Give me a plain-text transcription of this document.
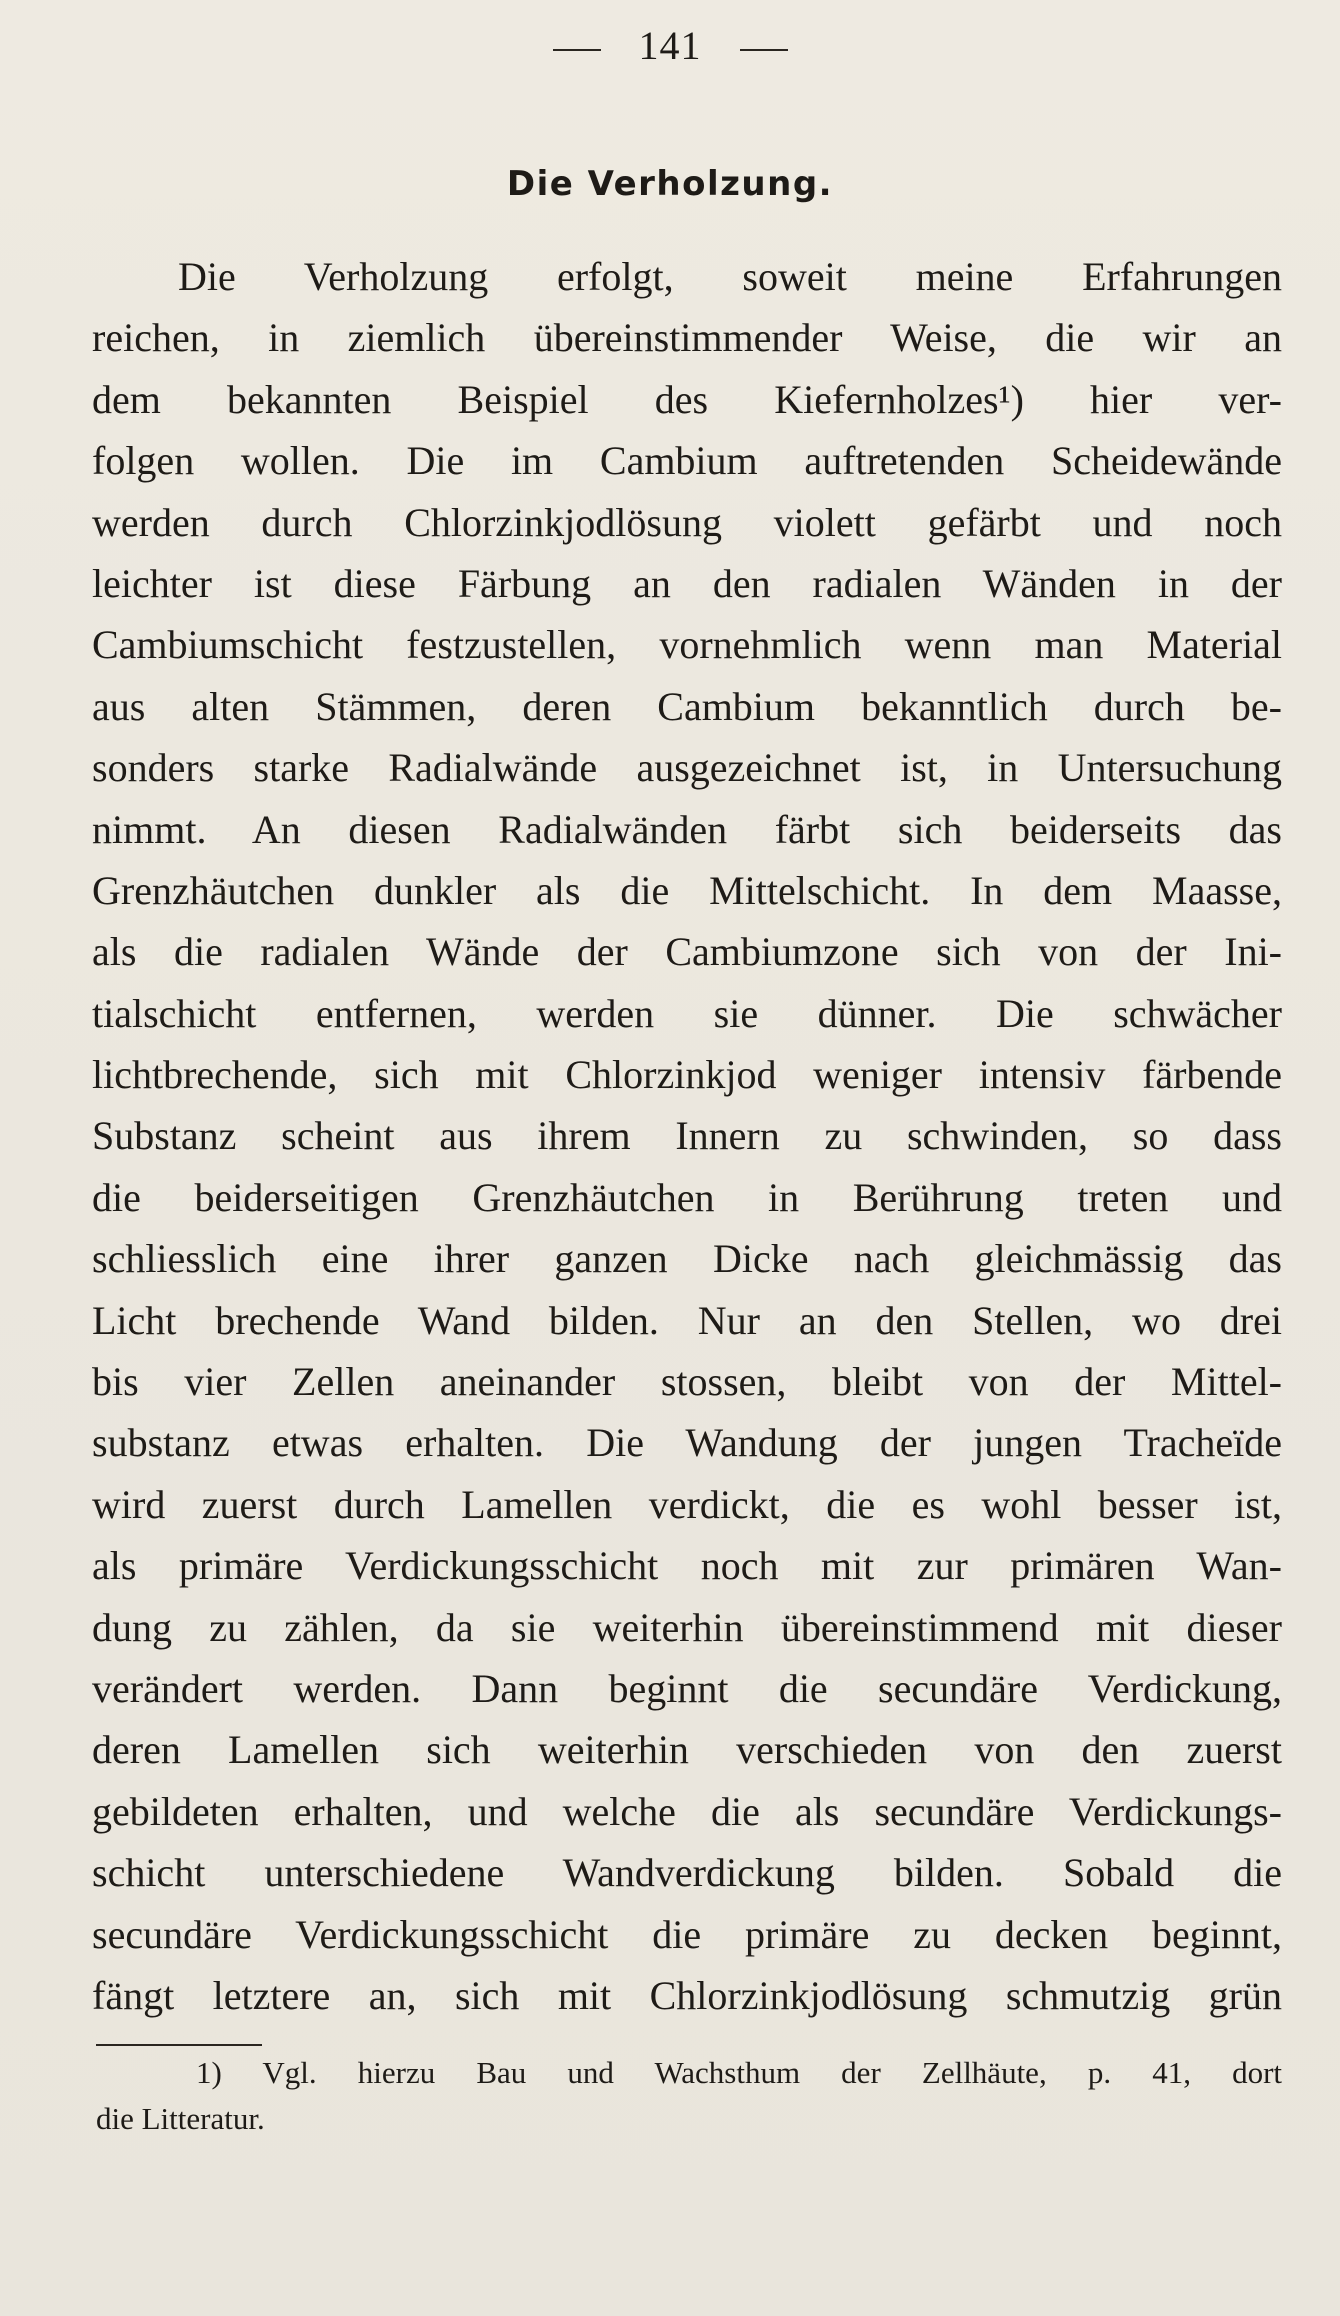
141
Die Verholzung.
Die Verholzung erfolgt, soweit meine Erfahrungen
reichen, in ziemlich übereinstimmender Weise, die wir an
dem bekannten Beispiel des Kiefernholzes¹) hier ver-
folgen wollen. Die im Cambium auftretenden Scheidewände
werden durch Chlorzinkjodlösung violett gefärbt und noch
leichter ist diese Färbung an den radialen Wänden in der
Cambiumschicht festzustellen, vornehmlich wenn man Material
aus alten Stämmen, deren Cambium bekanntlich durch be-
sonders starke Radialwände ausgezeichnet ist, in Untersuchung
nimmt. An diesen Radialwänden färbt sich beiderseits das
Grenzhäutchen dunkler als die Mittelschicht. In dem Maasse,
als die radialen Wände der Cambiumzone sich von der Ini-
tialschicht entfernen, werden sie dünner. Die schwächer
lichtbrechende, sich mit Chlorzinkjod weniger intensiv färbende
Substanz scheint aus ihrem Innern zu schwinden, so dass
die beiderseitigen Grenzhäutchen in Berührung treten und
schliesslich eine ihrer ganzen Dicke nach gleichmässig das
Licht brechende Wand bilden. Nur an den Stellen, wo drei
bis vier Zellen aneinander stossen, bleibt von der Mittel-
substanz etwas erhalten. Die Wandung der jungen Tracheïde
wird zuerst durch Lamellen verdickt, die es wohl besser ist,
als primäre Verdickungsschicht noch mit zur primären Wan-
dung zu zählen, da sie weiterhin übereinstimmend mit dieser
verändert werden. Dann beginnt die secundäre Verdickung,
deren Lamellen sich weiterhin verschieden von den zuerst
gebildeten erhalten, und welche die als secundäre Verdickungs-
schicht unterschiedene Wandverdickung bilden. Sobald die
secundäre Verdickungsschicht die primäre zu decken beginnt,
fängt letztere an, sich mit Chlorzinkjodlösung schmutzig grün
1) Vgl. hierzu Bau und Wachsthum der Zellhäute, p. 41, dort
die Litteratur.
